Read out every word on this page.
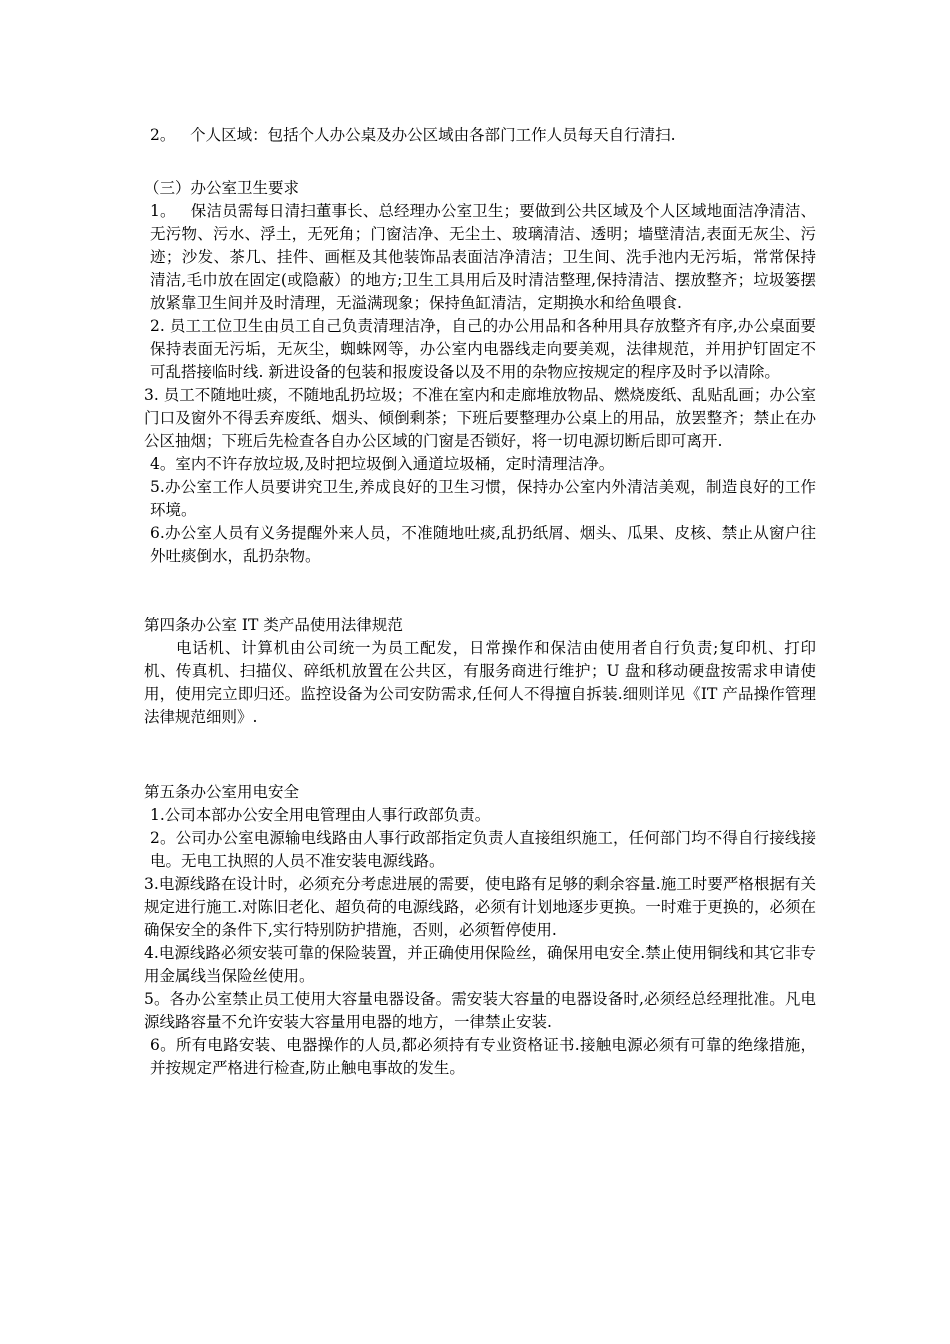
2。   个人区域：包括个人办公桌及办公区域由各部门工作人员每天自行清扫.

（三）办公室卫生要求

1。   保洁员需每日清扫董事长、总经理办公室卫生；要做到公共区域及个人区域地面洁净清洁、无污物、污水、浮土，无死角；门窗洁净、无尘土、玻璃清洁、透明；墙壁清洁,表面无灰尘、污迹；沙发、茶几、挂件、画框及其他装饰品表面洁净清洁；卫生间、洗手池内无污垢，常常保持清洁,毛巾放在固定(或隐蔽）的地方;卫生工具用后及时清洁整理,保持清洁、摆放整齐；垃圾篓摆放紧靠卫生间并及时清理，无溢满现象；保持鱼缸清洁，定期换水和给鱼喂食.

2. 员工工位卫生由员工自己负责清理洁净，自己的办公用品和各种用具存放整齐有序,办公桌面要保持表面无污垢，无灰尘，蜘蛛网等，办公室内电器线走向要美观，法律规范，并用护钉固定不可乱搭接临时线. 新进设备的包装和报废设备以及不用的杂物应按规定的程序及时予以清除。

3. 员工不随地吐痰，不随地乱扔垃圾；不准在室内和走廊堆放物品、燃烧废纸、乱贴乱画；办公室门口及窗外不得丢弃废纸、烟头、倾倒剩茶；下班后要整理办公桌上的用品，放罢整齐；禁止在办公区抽烟；下班后先检查各自办公区域的门窗是否锁好，将一切电源切断后即可离开.

4。室内不许存放垃圾,及时把垃圾倒入通道垃圾桶，定时清理洁净。

5.办公室工作人员要讲究卫生,养成良好的卫生习惯，保持办公室内外清洁美观，制造良好的工作环境。

6.办公室人员有义务提醒外来人员，不准随地吐痰,乱扔纸屑、烟头、瓜果、皮核、禁止从窗户往外吐痰倒水，乱扔杂物。

第四条办公室 IT 类产品使用法律规范

电话机、计算机由公司统一为员工配发，日常操作和保洁由使用者自行负责;复印机、打印机、传真机、扫描仪、碎纸机放置在公共区，有服务商进行维护；U 盘和移动硬盘按需求申请使用，使用完立即归还。监控设备为公司安防需求,任何人不得擅自拆装.细则详见《IT 产品操作管理法律规范细则》.

第五条办公室用电安全

1.公司本部办公安全用电管理由人事行政部负责。

2。公司办公室电源输电线路由人事行政部指定负责人直接组织施工，任何部门均不得自行接线接电。无电工执照的人员不准安装电源线路。

3.电源线路在设计时，必须充分考虑进展的需要，使电路有足够的剩余容量.施工时要严格根据有关规定进行施工.对陈旧老化、超负荷的电源线路，必须有计划地逐步更换。一时难于更换的，必须在确保安全的条件下,实行特别防护措施，否则，必须暂停使用.

4.电源线路必须安装可靠的保险装置，并正确使用保险丝，确保用电安全.禁止使用铜线和其它非专用金属线当保险丝使用。

5。各办公室禁止员工使用大容量电器设备。需安装大容量的电器设备时,必须经总经理批准。凡电源线路容量不允许安装大容量用电器的地方，一律禁止安装.

6。所有电路安装、电器操作的人员,都必须持有专业资格证书.接触电源必须有可靠的绝缘措施，并按规定严格进行检查,防止触电事故的发生。
